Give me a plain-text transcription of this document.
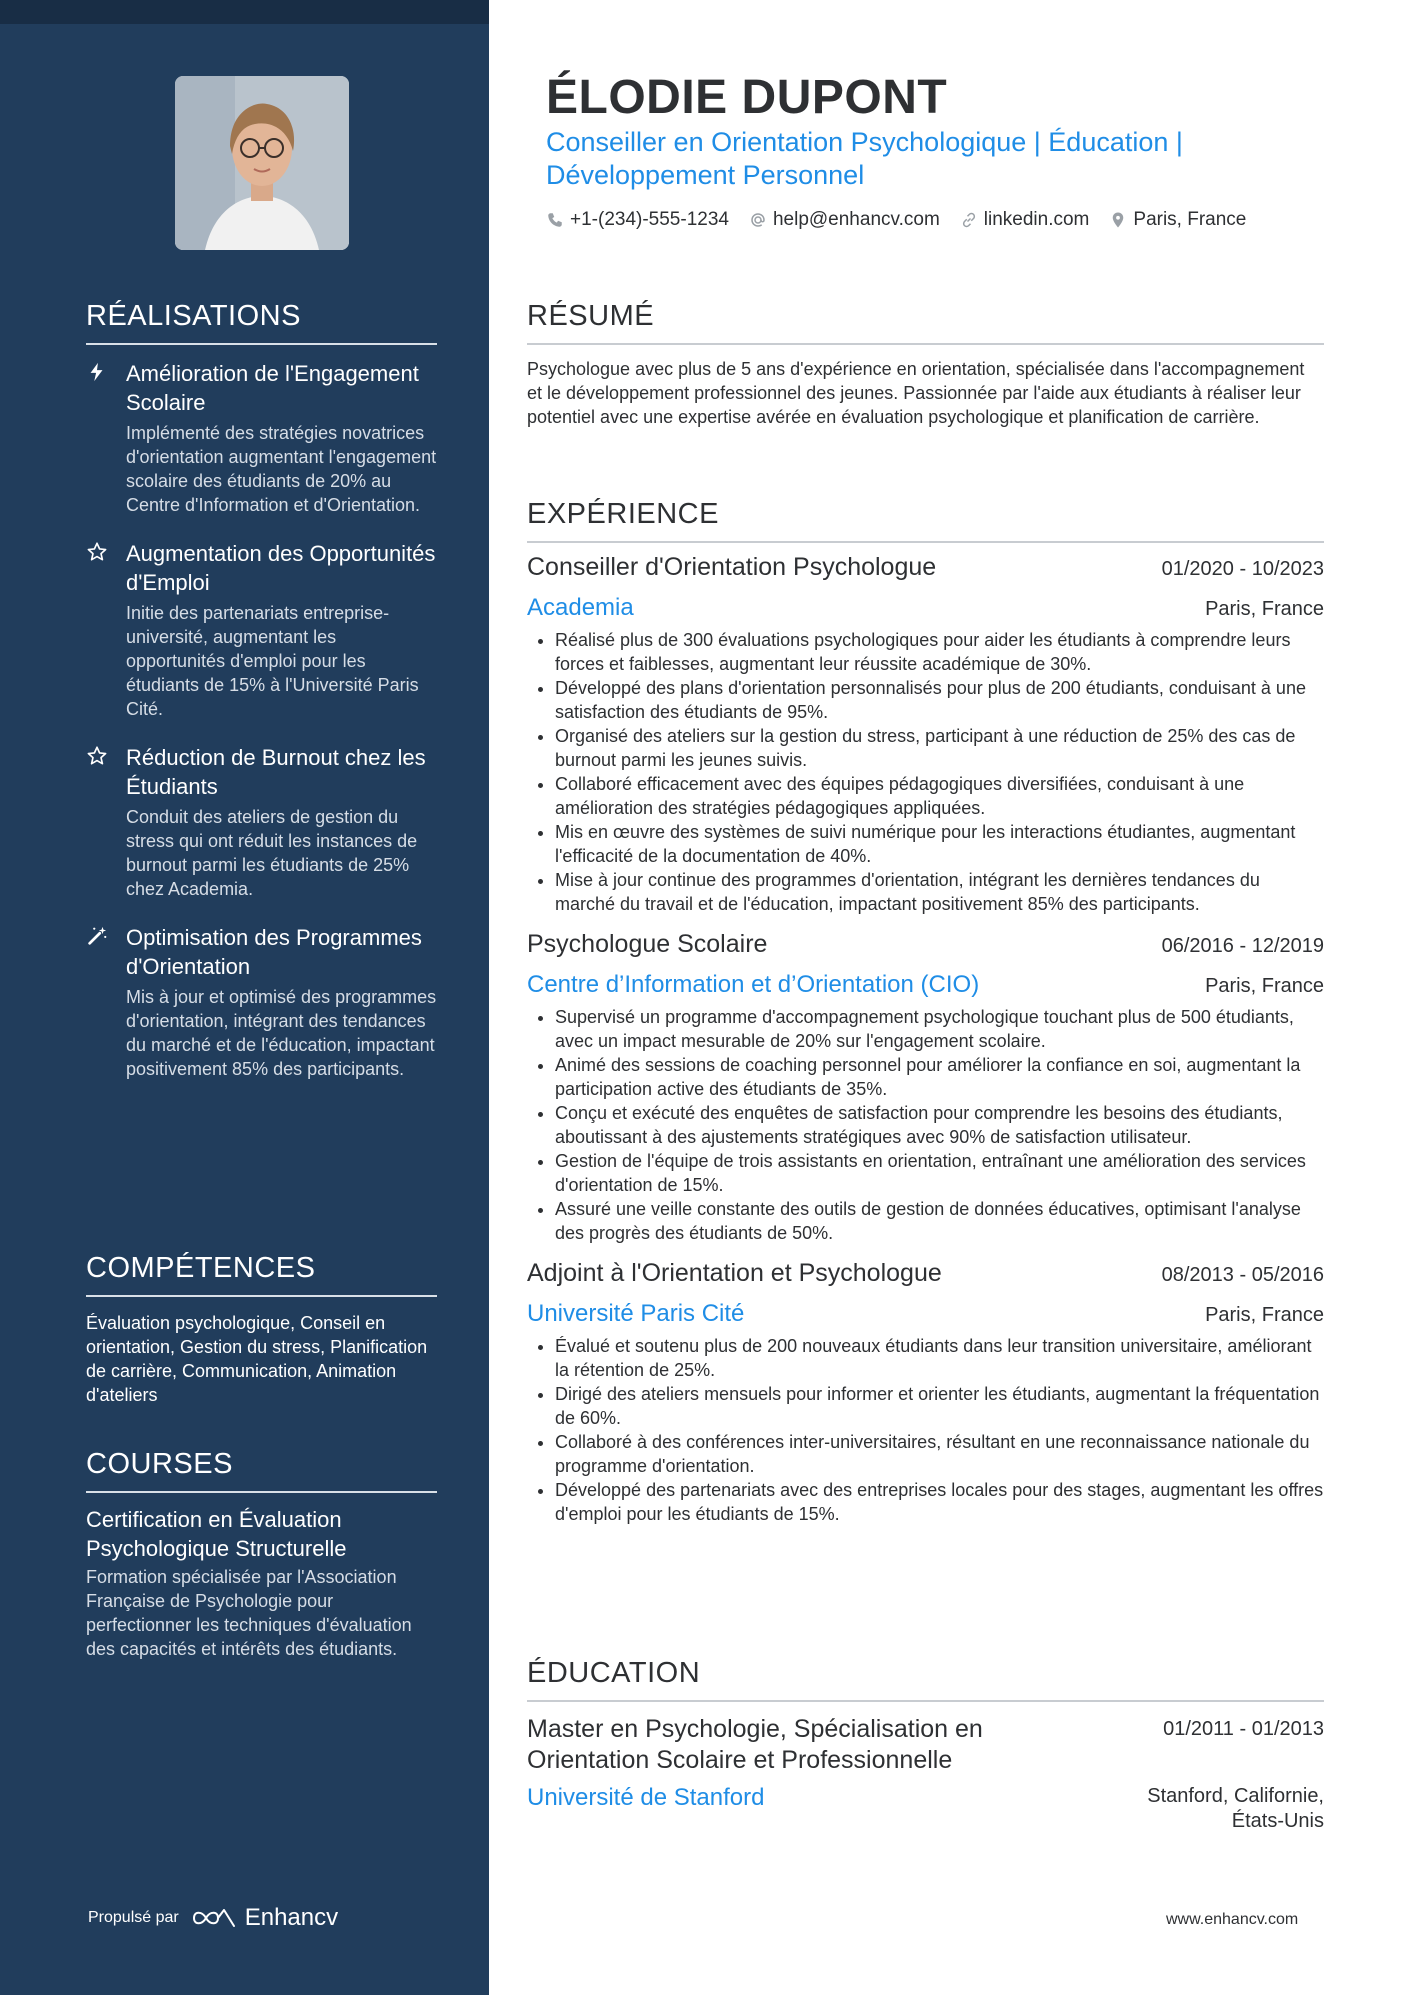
RÉALISATIONS
Amélioration de l'Engagement Scolaire
Implémenté des stratégies novatrices d'orientation augmentant l'engagement scolaire des étudiants de 20% au Centre d'Information et d'Orientation.
Augmentation des Opportunités d'Emploi
Initie des partenariats entreprise-université, augmentant les opportunités d'emploi pour les étudiants de 15% à l'Université Paris Cité.
Réduction de Burnout chez les Étudiants
Conduit des ateliers de gestion du stress qui ont réduit les instances de burnout parmi les étudiants de 25% chez Academia.
Optimisation des Programmes d'Orientation
Mis à jour et optimisé des programmes d'orientation, intégrant des tendances du marché et de l'éducation, impactant positivement 85% des participants.
COMPÉTENCES
Évaluation psychologique, Conseil en orientation, Gestion du stress, Planification de carrière, Communication, Animation d'ateliers
COURSES
Certification en Évaluation Psychologique Structurelle
Formation spécialisée par l'Association Française de Psychologie pour perfectionner les techniques d'évaluation des capacités et intérêts des étudiants.
Propulsé par	Enhancv
ÉLODIE DUPONT
Conseiller en Orientation Psychologique | Éducation | Développement Personnel
+1-(234)-555-1234 help@enhancv.com linkedin.com Paris, France
RÉSUMÉ
Psychologue avec plus de 5 ans d'expérience en orientation, spécialisée dans l'accompagnement et le développement professionnel des jeunes. Passionnée par l'aide aux étudiants à réaliser leur potentiel avec une expertise avérée en évaluation psychologique et planification de carrière.
EXPÉRIENCE
Conseiller d'Orientation Psychologue	01/2020 - 10/2023
Academia	Paris, France
• Réalisé plus de 300 évaluations psychologiques pour aider les étudiants à comprendre leurs forces et faiblesses, augmentant leur réussite académique de 30%.
• Développé des plans d'orientation personnalisés pour plus de 200 étudiants, conduisant à une satisfaction des étudiants de 95%.
• Organisé des ateliers sur la gestion du stress, participant à une réduction de 25% des cas de burnout parmi les jeunes suivis.
• Collaboré efficacement avec des équipes pédagogiques diversifiées, conduisant à une amélioration des stratégies pédagogiques appliquées.
• Mis en œuvre des systèmes de suivi numérique pour les interactions étudiantes, augmentant l'efficacité de la documentation de 40%.
• Mise à jour continue des programmes d'orientation, intégrant les dernières tendances du marché du travail et de l'éducation, impactant positivement 85% des participants.
Psychologue Scolaire	06/2016 - 12/2019
Centre d’Information et d’Orientation (CIO)	Paris, France
• Supervisé un programme d'accompagnement psychologique touchant plus de 500 étudiants, avec un impact mesurable de 20% sur l'engagement scolaire.
• Animé des sessions de coaching personnel pour améliorer la confiance en soi, augmentant la participation active des étudiants de 35%.
• Conçu et exécuté des enquêtes de satisfaction pour comprendre les besoins des étudiants, aboutissant à des ajustements stratégiques avec 90% de satisfaction utilisateur.
• Gestion de l'équipe de trois assistants en orientation, entraînant une amélioration des services d'orientation de 15%.
• Assuré une veille constante des outils de gestion de données éducatives, optimisant l'analyse des progrès des étudiants de 50%.
Adjoint à l'Orientation et Psychologue	08/2013 - 05/2016
Université Paris Cité	Paris, France
• Évalué et soutenu plus de 200 nouveaux étudiants dans leur transition universitaire, améliorant la rétention de 25%.
• Dirigé des ateliers mensuels pour informer et orienter les étudiants, augmentant la fréquentation de 60%.
• Collaboré à des conférences inter-universitaires, résultant en une reconnaissance nationale du programme d'orientation.
• Développé des partenariats avec des entreprises locales pour des stages, augmentant les offres d'emploi pour les étudiants de 15%.
ÉDUCATION
Master en Psychologie, Spécialisation en Orientation Scolaire et Professionnelle
01/2011 - 01/2013
Université de Stanford	Stanford, Californie,
États-Unis
www.enhancv.com
